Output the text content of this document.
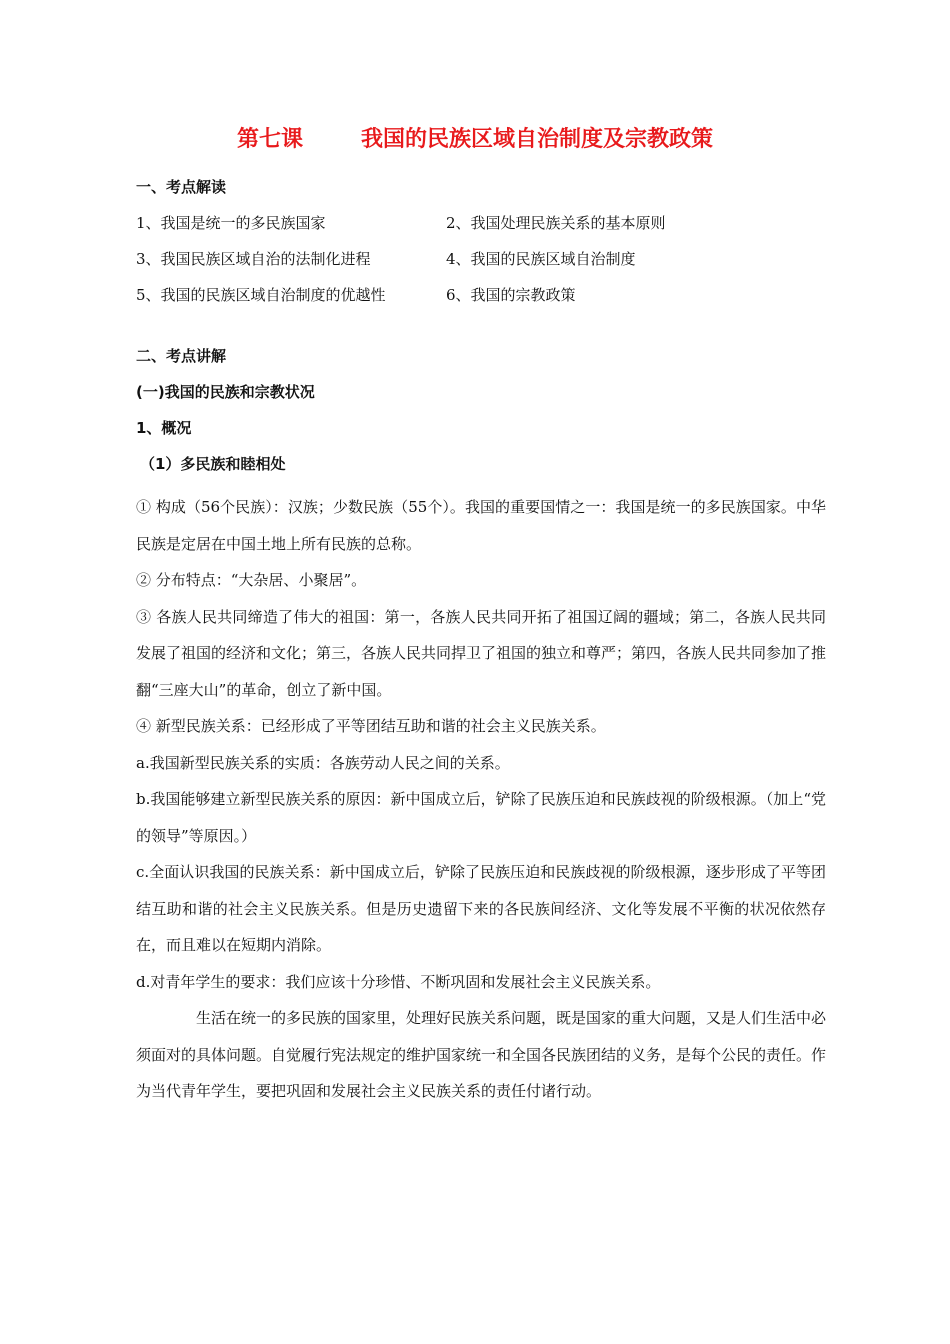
第七课	我国的民族区域自治制度及宗教政策
一、考点解读
1、我国是统一的多民族国家	2、我国处理民族关系的基本原则
3、我国民族区域自治的法制化进程	4、我国的民族区域自治制度
5、我国的民族区域自治制度的优越性	6、我国的宗教政策
二、考点讲解
(一)我国的民族和宗教状况
1、概况
（1）多民族和睦相处
① 构成（56个民族）：汉族；少数民族（55个）。我国的重要国情之一：我国是统一的多民族国家。中华民族是定居在中国土地上所有民族的总称。
② 分布特点：“大杂居、小聚居”。
③ 各族人民共同缔造了伟大的祖国：第一，各族人民共同开拓了祖国辽阔的疆域；第二，各族人民共同发展了祖国的经济和文化；第三，各族人民共同捍卫了祖国的独立和尊严；第四，各族人民共同参加了推翻“三座大山”的革命，创立了新中国。
④ 新型民族关系：已经形成了平等团结互助和谐的社会主义民族关系。
a.我国新型民族关系的实质：各族劳动人民之间的关系。
b.我国能够建立新型民族关系的原因：新中国成立后，铲除了民族压迫和民族歧视的阶级根源。（加上“党的领导”等原因。）
c.全面认识我国的民族关系：新中国成立后，铲除了民族压迫和民族歧视的阶级根源，逐步形成了平等团结互助和谐的社会主义民族关系。但是历史遗留下来的各民族间经济、文化等发展不平衡的状况依然存在，而且难以在短期内消除。
d.对青年学生的要求：我们应该十分珍惜、不断巩固和发展社会主义民族关系。
生活在统一的多民族的国家里，处理好民族关系问题，既是国家的重大问题，又是人们生活中必须面对的具体问题。自觉履行宪法规定的维护国家统一和全国各民族团结的义务，是每个公民的责任。作为当代青年学生，要把巩固和发展社会主义民族关系的责任付诸行动。
